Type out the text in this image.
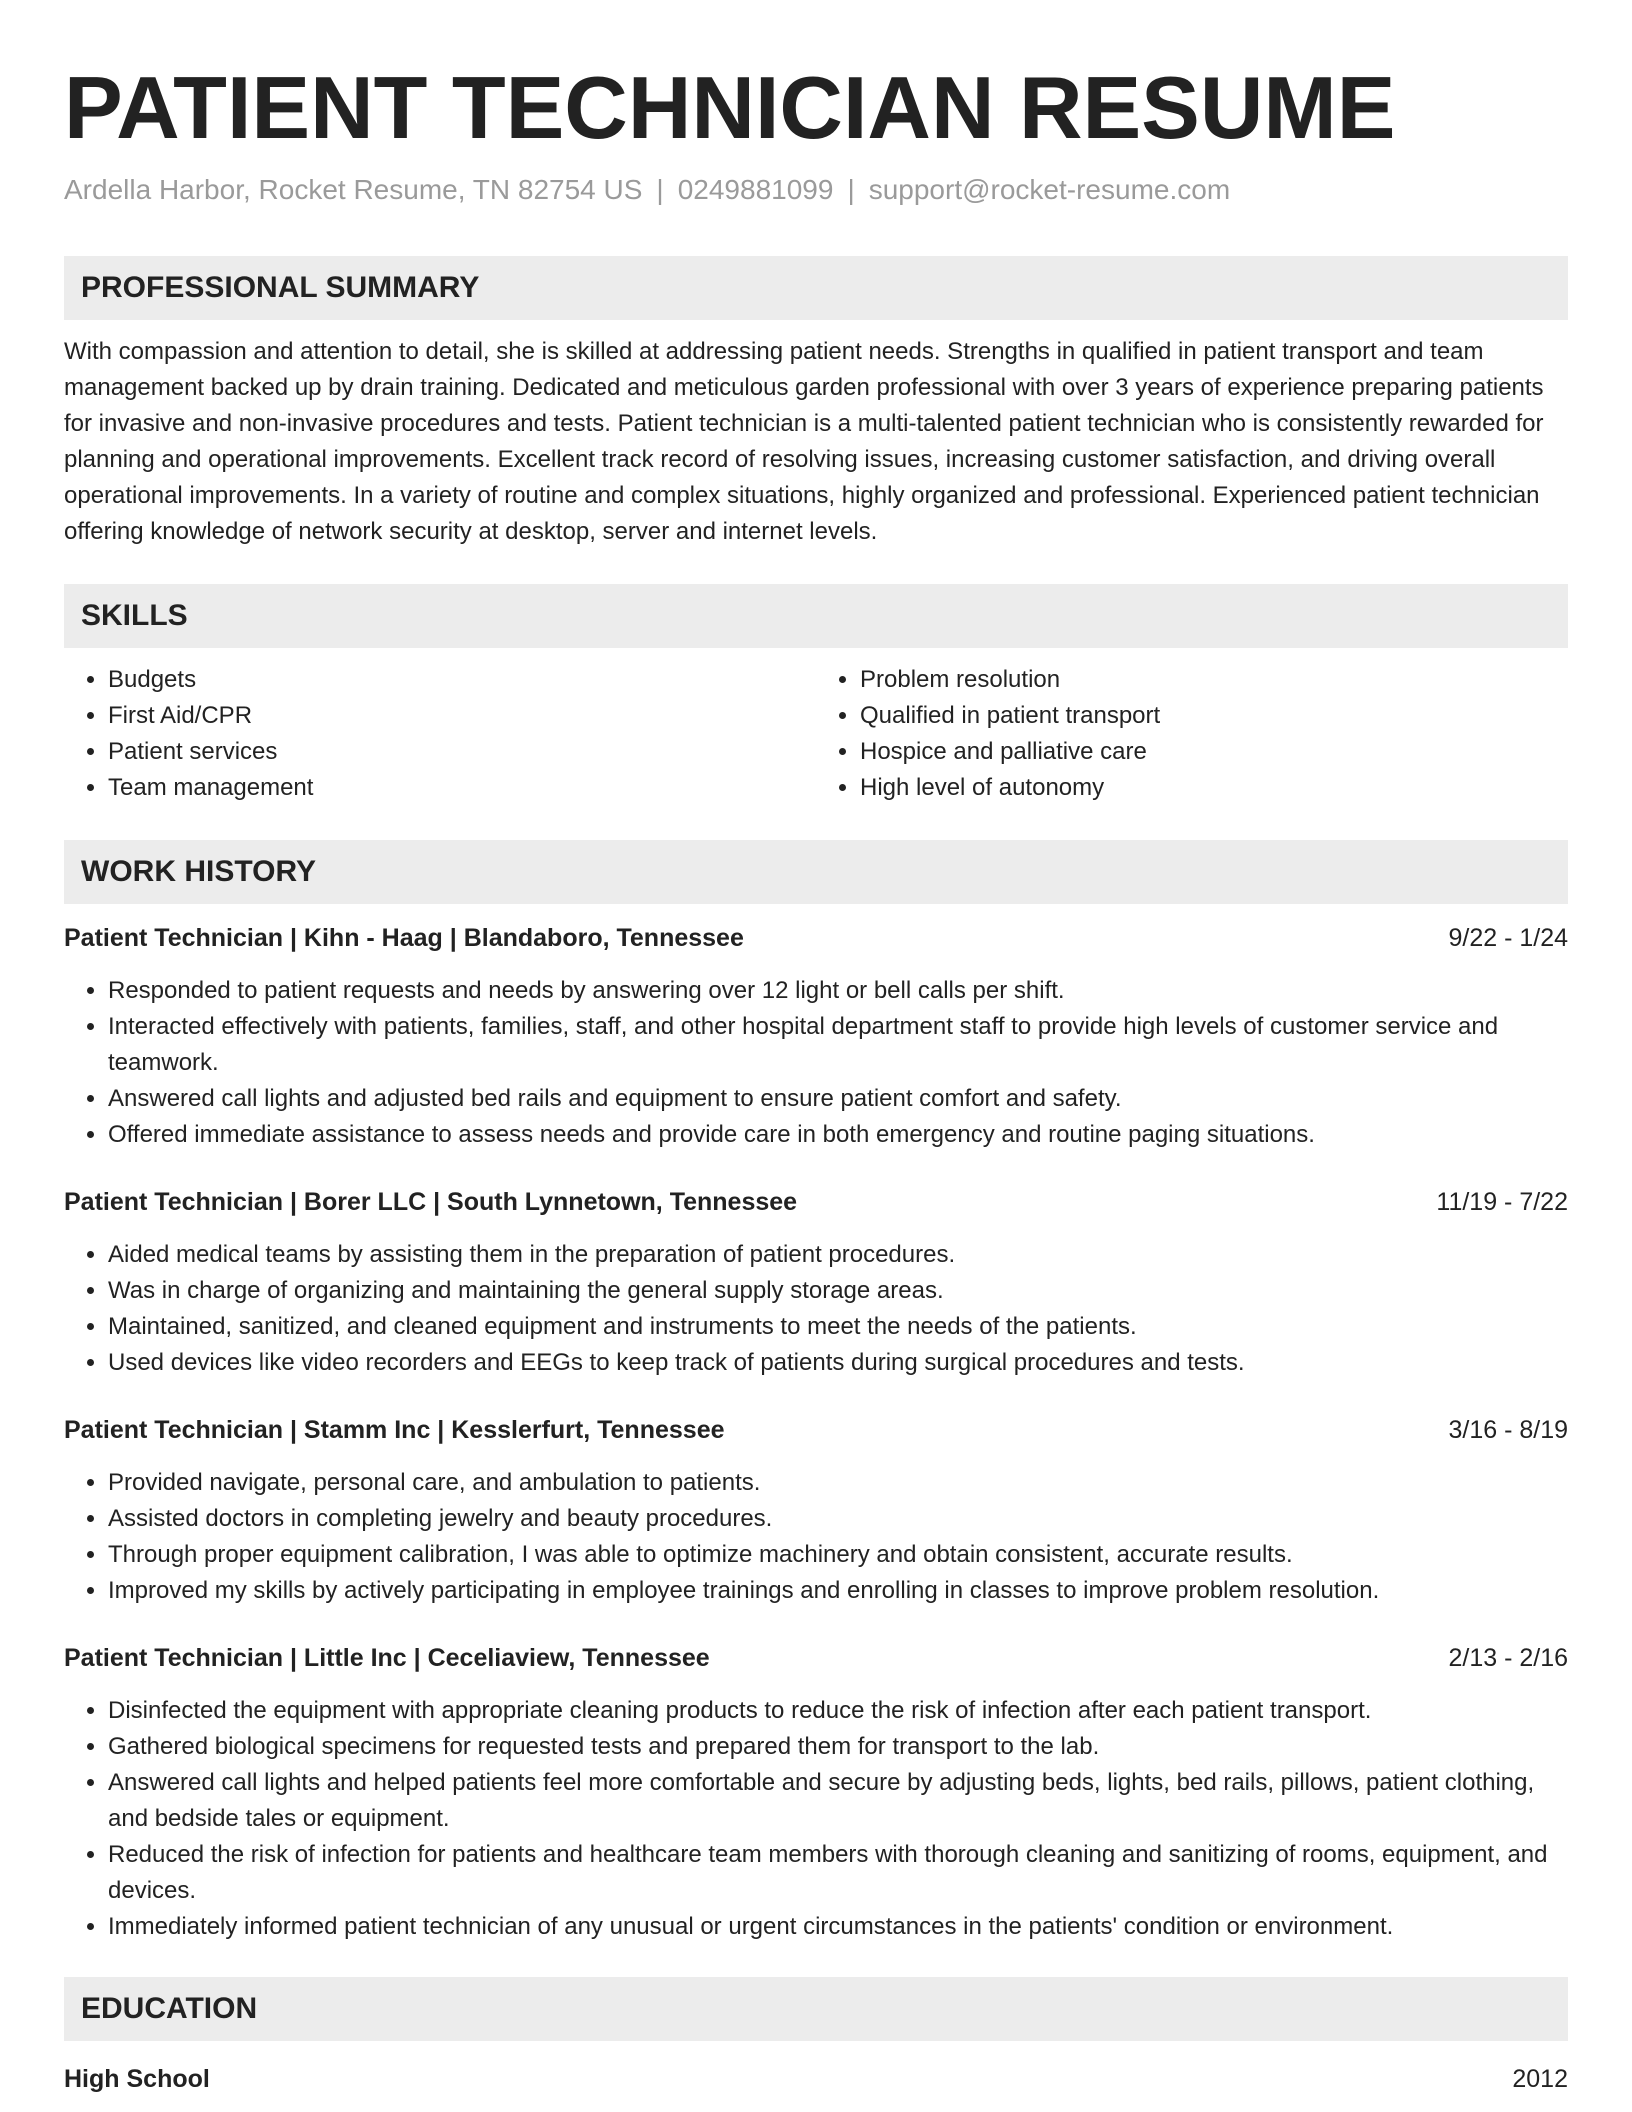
PATIENT TECHNICIAN RESUME
Ardella Harbor, Rocket Resume, TN 82754 US | 0249881099 | support@rocket-resume.com
PROFESSIONAL SUMMARY

With compassion and attention to detail, she is skilled at addressing patient needs. Strengths in qualified in patient transport and team management backed up by drain training. Dedicated and meticulous garden professional with over 3 years of experience preparing patients for invasive and non-invasive procedures and tests. Patient technician is a multi-talented patient technician who is consistently rewarded for planning and operational improvements. Excellent track record of resolving issues, increasing customer satisfaction, and driving overall operational improvements. In a variety of routine and complex situations, highly organized and professional. Experienced patient technician offering knowledge of network security at desktop, server and internet levels.

SKILLS
• Budgets
• First Aid/CPR
• Patient services
• Team management
• Problem resolution
• Qualified in patient transport
• Hospice and palliative care
• High level of autonomy
WORK HISTORY
Patient Technician | Kihn - Haag | Blandaboro, Tennessee	9/22 - 1/24
• Responded to patient requests and needs by answering over 12 light or bell calls per shift.
• Interacted effectively with patients, families, staff, and other hospital department staff to provide high levels of customer service and teamwork.
• Answered call lights and adjusted bed rails and equipment to ensure patient comfort and safety.
• Offered immediate assistance to assess needs and provide care in both emergency and routine paging situations.
Patient Technician | Borer LLC | South Lynnetown, Tennessee	11/19 - 7/22
• Aided medical teams by assisting them in the preparation of patient procedures.
• Was in charge of organizing and maintaining the general supply storage areas.
• Maintained, sanitized, and cleaned equipment and instruments to meet the needs of the patients.
• Used devices like video recorders and EEGs to keep track of patients during surgical procedures and tests.
Patient Technician | Stamm Inc | Kesslerfurt, Tennessee	3/16 - 8/19
• Provided navigate, personal care, and ambulation to patients.
• Assisted doctors in completing jewelry and beauty procedures.
• Through proper equipment calibration, I was able to optimize machinery and obtain consistent, accurate results.
• Improved my skills by actively participating in employee trainings and enrolling in classes to improve problem resolution.
Patient Technician | Little Inc | Ceceliaview, Tennessee	2/13 - 2/16
• Disinfected the equipment with appropriate cleaning products to reduce the risk of infection after each patient transport.
• Gathered biological specimens for requested tests and prepared them for transport to the lab.
• Answered call lights and helped patients feel more comfortable and secure by adjusting beds, lights, bed rails, pillows, patient clothing, and bedside tales or equipment.
• Reduced the risk of infection for patients and healthcare team members with thorough cleaning and sanitizing of rooms, equipment, and devices.
• Immediately informed patient technician of any unusual or urgent circumstances in the patients' condition or environment.
EDUCATION
High School	2012
